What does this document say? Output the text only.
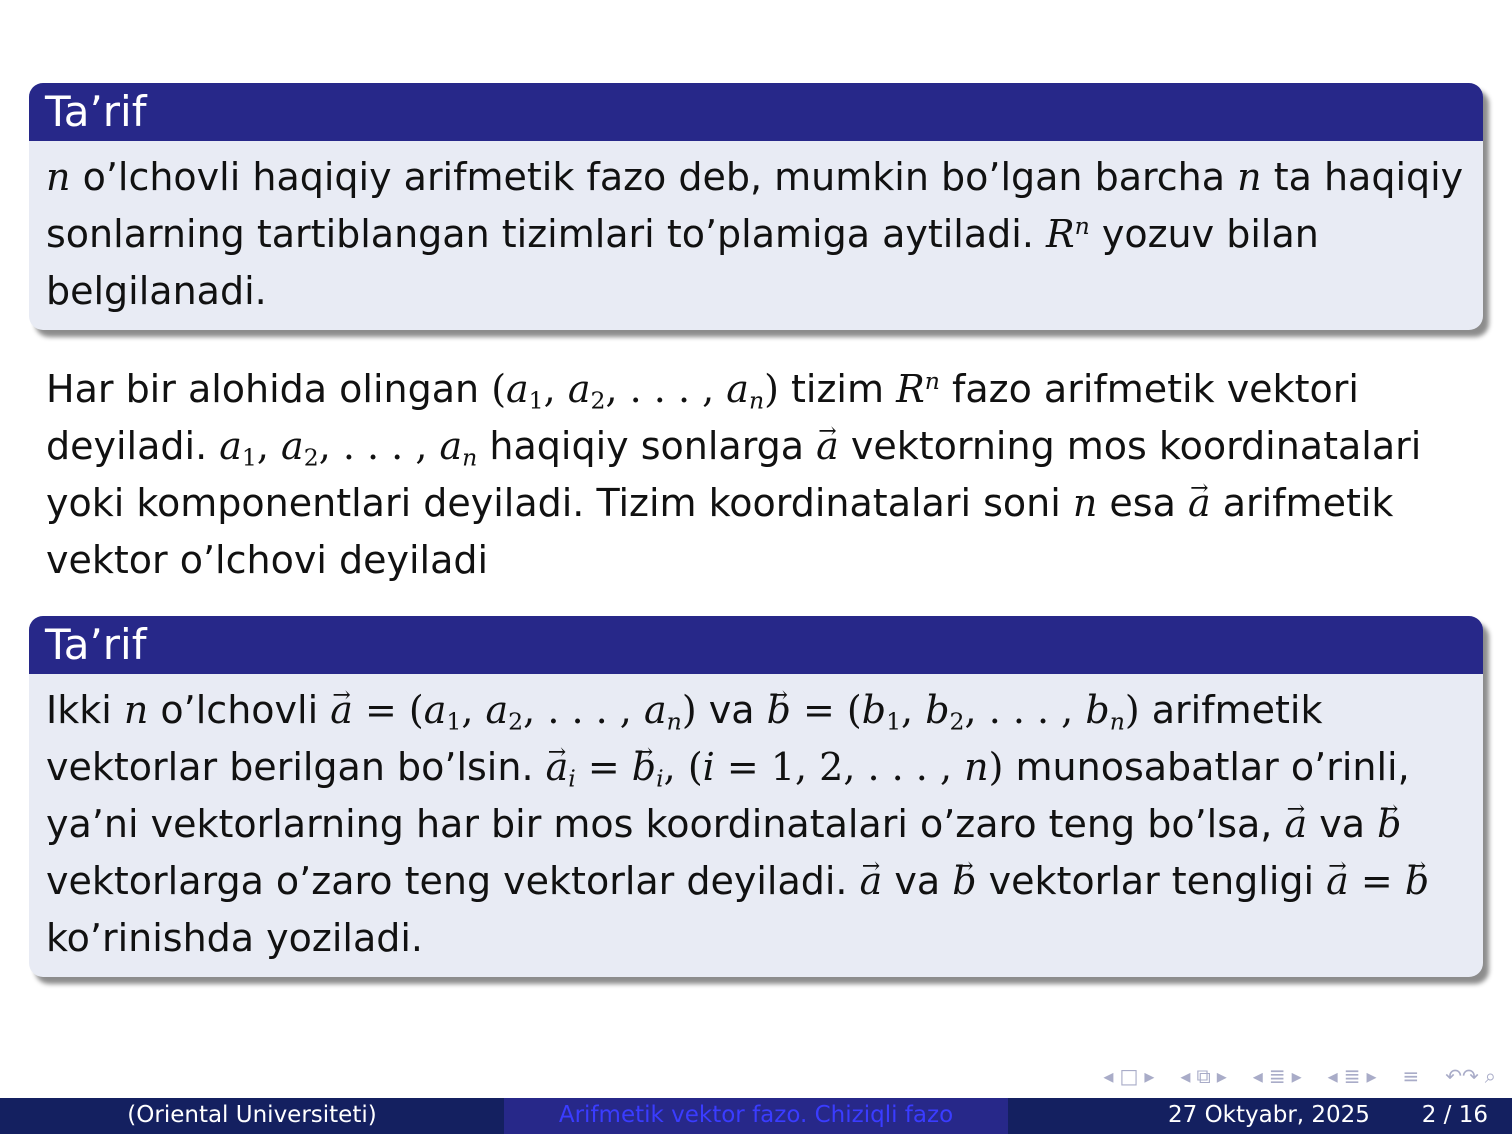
Ta’rif
n o’lchovli haqiqiy arifmetik fazo deb, mumkin bo’lgan barcha n ta haqiqiy sonlarning tartiblangan tizimlari to’plamiga aytiladi. $R^n$ yozuv bilan belgilanadi.
Har bir alohida olingan ($a_1$, $a_2$, . . . , $a_n$) tizim $R^n$ fazo arifmetik vektori deyiladi. $a_1$, $a_2$, . . . , $a_n$ haqiqiy sonlarga a → vektorning mos koordinatalari yoki komponentlari deyiladi. Tizim koordinatalari soni n esa a → arifmetik vektor o’lchovi deyiladi
Ta’rif
Ikki n o’lchovli a → = ($a_1$, $a_2$, . . . , $a_n$) va b → = ($b_1$, $b_2$, . . . , $b_n$) arifmetik vektorlar berilgan bo’lsin. $a \to_i = b \to_i$, (i = 1, 2, . . . , n) munosabatlar o’rinli, ya’ni vektorlarning har bir mos koordinatalari o’zaro teng bo’lsa, a → va b → vektorlarga o’zaro teng vektorlar deyiladi. a → va b → vektorlar tengligi a → = b → ko’rinishda yoziladi.
◂ □ ▸ ◂ ⧉ ▸ ◂ ≣ ▸ ◂ ≣ ▸ ≡ ↶↷ ⌕
(Oriental Universiteti)	Arifmetik vektor fazo. Chiziqli fazo	27 Oktyabr, 2025 2 / 16
